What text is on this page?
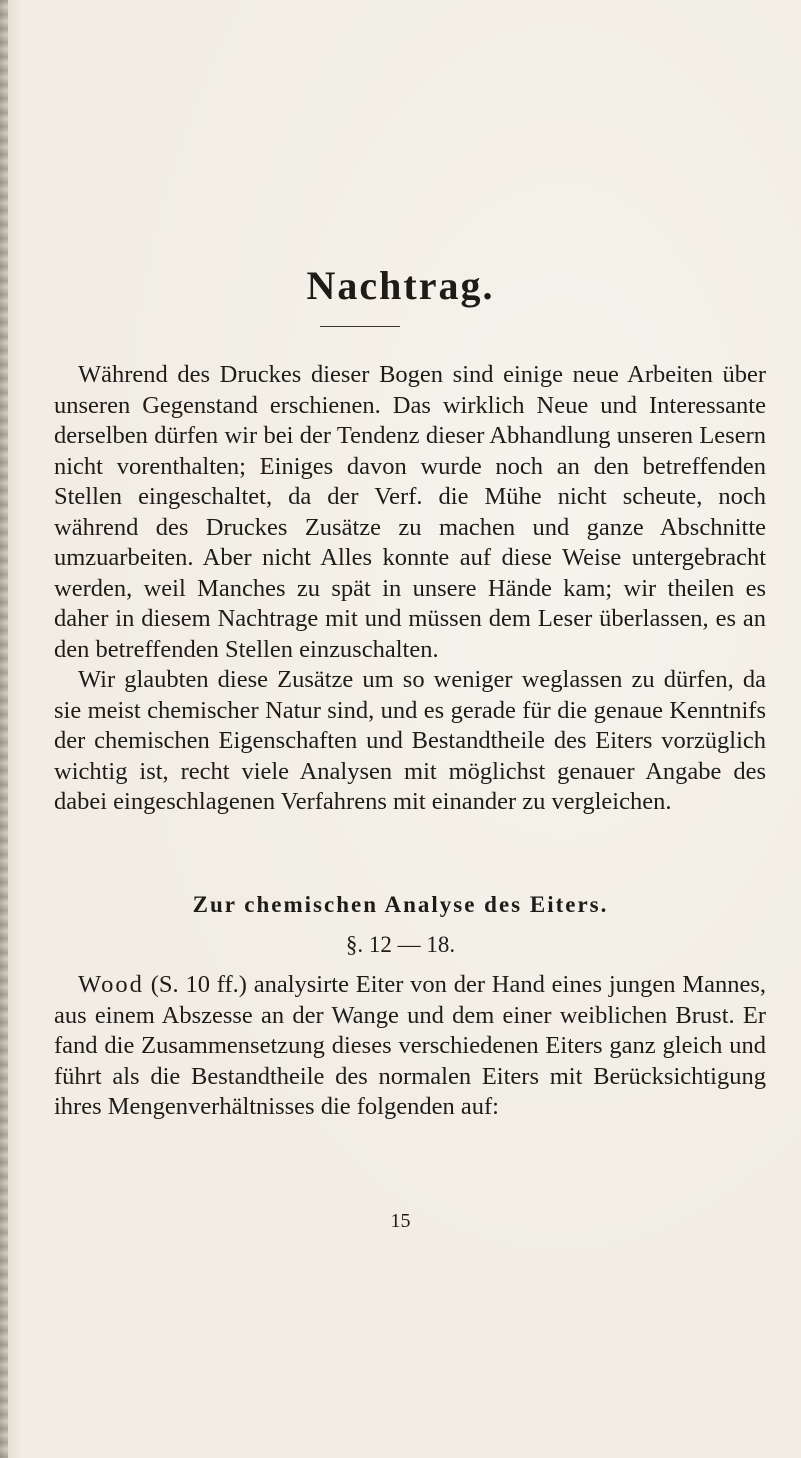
Nachtrag.

Während des Druckes dieser Bogen sind einige neue Arbeiten über unseren Gegenstand erschienen. Das wirklich Neue und Interessante derselben dürfen wir bei der Tendenz dieser Abhandlung unseren Lesern nicht vorenthalten; Einiges davon wurde noch an den betreffenden Stellen eingeschaltet, da der Verf. die Mühe nicht scheute, noch während des Druckes Zusätze zu machen und ganze Abschnitte umzuarbeiten. Aber nicht Alles konnte auf diese Weise untergebracht werden, weil Manches zu spät in unsere Hände kam; wir theilen es daher in diesem Nachtrage mit und müssen dem Leser überlassen, es an den betreffenden Stellen einzuschalten.

Wir glaubten diese Zusätze um so weniger weglassen zu dürfen, da sie meist chemischer Natur sind, und es gerade für die genaue Kenntnifs der chemischen Eigenschaften und Bestandtheile des Eiters vorzüglich wichtig ist, recht viele Analysen mit möglichst genauer Angabe des dabei eingeschlagenen Verfahrens mit einander zu vergleichen.

Zur chemischen Analyse des Eiters.

§. 12 — 18.

Wood (S. 10 ff.) analysirte Eiter von der Hand eines jungen Mannes, aus einem Abszesse an der Wange und dem einer weiblichen Brust. Er fand die Zusammensetzung dieses verschiedenen Eiters ganz gleich und führt als die Bestandtheile des normalen Eiters mit Berücksichtigung ihres Mengenverhältnisses die folgenden auf:

15
